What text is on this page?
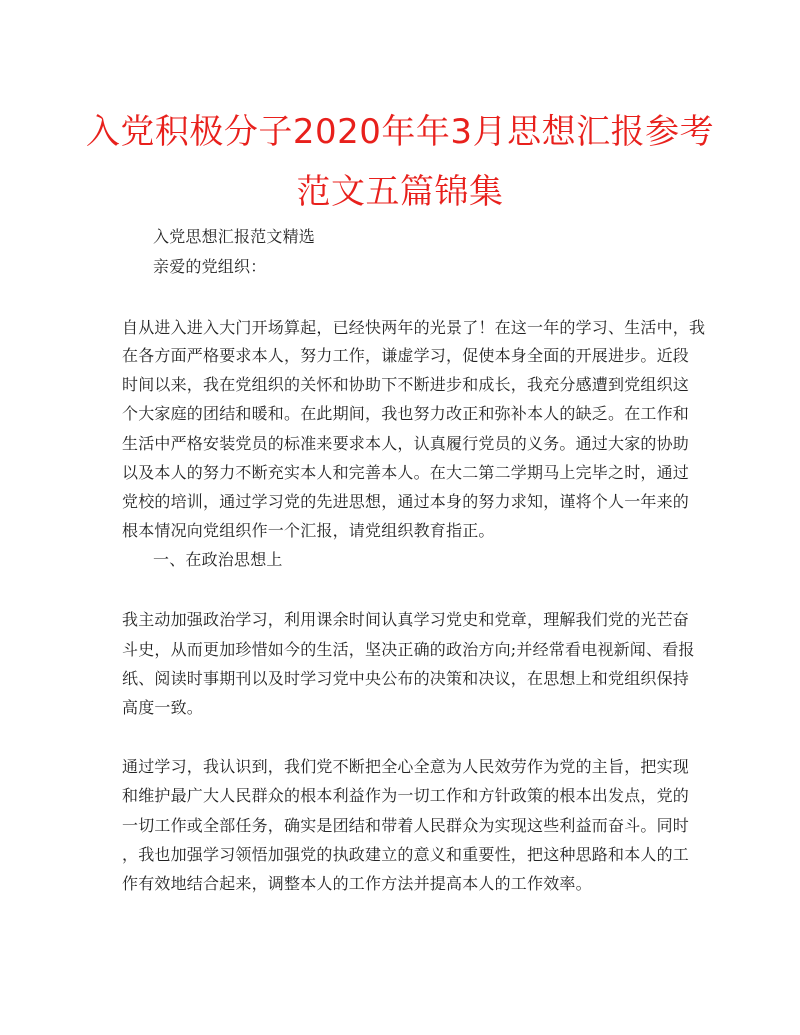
入党积极分子2020年年3月思想汇报参考
范文五篇锦集
入党思想汇报范文精选
亲爱的党组织：
自从进入进入大门开场算起，已经快两年的光景了！在这一年的学习、生活中，我
在各方面严格要求本人，努力工作，谦虚学习，促使本身全面的开展进步。近段
时间以来，我在党组织的关怀和协助下不断进步和成长，我充分感遭到党组织这
个大家庭的团结和暖和。在此期间，我也努力改正和弥补本人的缺乏。在工作和
生活中严格安装党员的标准来要求本人，认真履行党员的义务。通过大家的协助
以及本人的努力不断充实本人和完善本人。在大二第二学期马上完毕之时，通过
党校的培训，通过学习党的先进思想，通过本身的努力求知，谨将个人一年来的
根本情况向党组织作一个汇报，请党组织教育指正。
一、在政治思想上
我主动加强政治学习，利用课余时间认真学习党史和党章，理解我们党的光芒奋
斗史，从而更加珍惜如今的生活，坚决正确的政治方向;并经常看电视新闻、看报
纸、阅读时事期刊以及时学习党中央公布的决策和决议，在思想上和党组织保持
高度一致。
通过学习，我认识到，我们党不断把全心全意为人民效劳作为党的主旨，把实现
和维护最广大人民群众的根本利益作为一切工作和方针政策的根本出发点，党的
一切工作或全部任务，确实是团结和带着人民群众为实现这些利益而奋斗。同时
，我也加强学习领悟加强党的执政建立的意义和重要性，把这种思路和本人的工
作有效地结合起来，调整本人的工作方法并提高本人的工作效率。
